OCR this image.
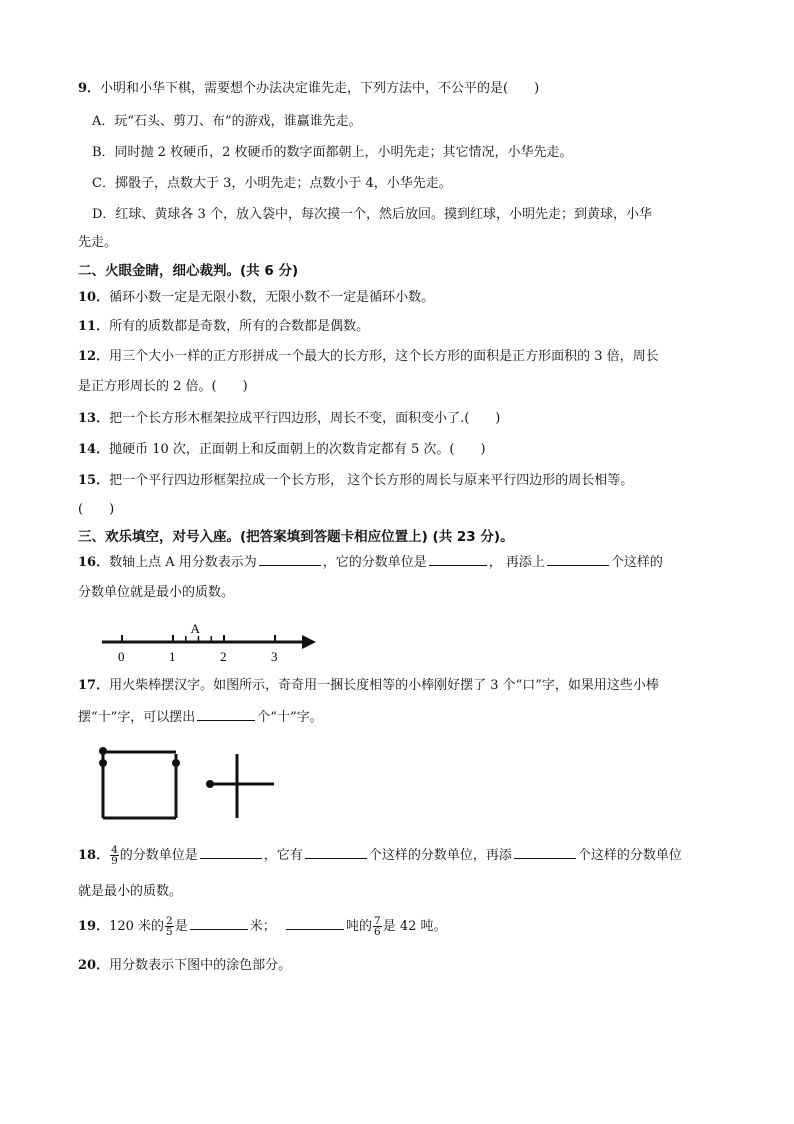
9．小明和小华下棋，需要想个办法决定谁先走，下列方法中，不公平的是(　　)
A．玩“石头、剪刀、布”的游戏，谁赢谁先走。
B．同时抛 2 枚硬币，2 枚硬币的数字面都朝上，小明先走；其它情况，小华先走。
C．掷骰子，点数大于 3，小明先走；点数小于 4，小华先走。
D．红球、黄球各 3 个，放入袋中，每次摸一个，然后放回。摸到红球，小明先走；到黄球，小华
先走。
二、火眼金睛，细心裁判。(共 6 分)
10．循环小数一定是无限小数，无限小数不一定是循环小数。
11．所有的质数都是奇数，所有的合数都是偶数。
12．用三个大小一样的正方形拼成一个最大的长方形，这个长方形的面积是正方形面积的 3 倍，周长
是正方形周长的 2 倍。(　　)
13．把一个长方形木框架拉成平行四边形，周长不变，面积变小了.(　　)
14．抛硬币 10 次，正面朝上和反面朝上的次数肯定都有 5 次。(　　)
15．把一个平行四边形框架拉成一个长方形， 这个长方形的周长与原来平行四边形的周长相等。
(　　)
三、欢乐填空，对号入座。(把答案填到答题卡相应位置上) (共 23 分)。
16．数轴上点 A 用分数表示为	，它的分数单位是	， 再添上	个这样的
分数单位就是最小的质数。
0	1	2	3
A
17．用火柴棒摆汉字。如图所示，奇奇用一捆长度相等的小棒刚好摆了 3 个“口”字，如果用这些小棒
摆“十”字，可以摆出	个“十”字。
18． $\frac{4}{9}$ 的分数单位是	，它有	个这样的分数单位，再添	个这样的分数单位
就是最小的质数。
19．120 米的 $\frac{2}{5}$ 是	米；	吨的 $\frac{7}{6}$ 是 42 吨。
20．用分数表示下图中的涂色部分。
